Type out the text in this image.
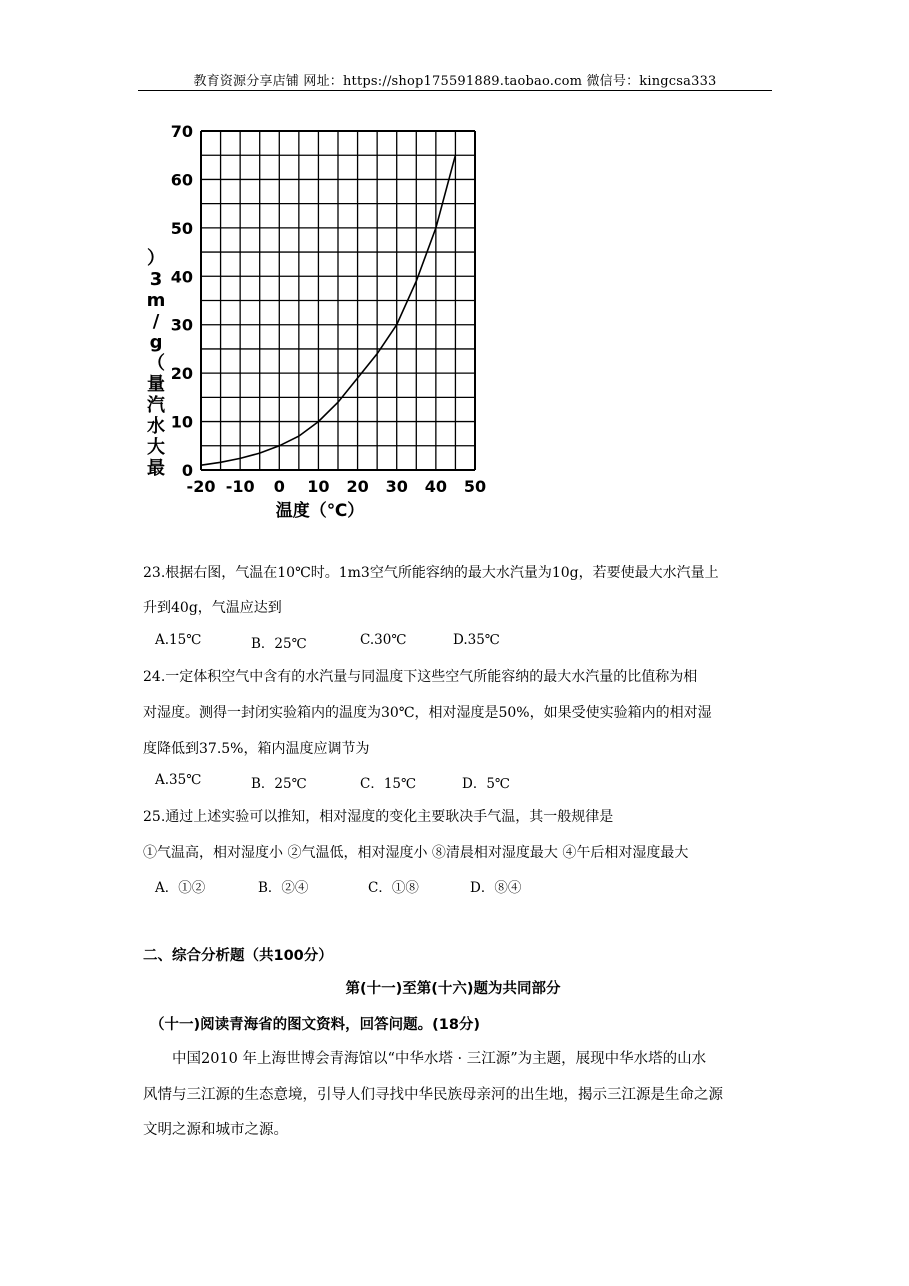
教育资源分享店铺 网址：https://shop175591889.taobao.com 微信号：kingcsa333
-20 -10 0 10 20 30 40 50
0
10
20
30
40
50
60
70
最
大
水
汽
量
（
g
/
m
3
）
温度（℃）
23.根据右图，气温在10℃时。1m3空气所能容纳的最大水汽量为10g，若要使最大水汽量上
升到40g，气温应达到
A.15℃	B．25℃	C.30℃	D.35℃
24.一定体积空气中含有的水汽量与同温度下这些空气所能容纳的最大水汽量的比值称为相
对湿度。测得一封闭实验箱内的温度为30℃，相对湿度是50%，如果受使实验箱内的相对湿
度降低到37.5%，箱内温度应调节为
A.35℃	B．25℃	C．15℃	D．5℃
25.通过上述实验可以推知，相对湿度的变化主要耿决手气温，其一般规律是
①气温高，相对湿度小 ②气温低，相对湿度小 ⑧清晨相对湿度最大 ④午后相对湿度最大
A．①②	B．②④	C．①⑧	D．⑧④
二、综合分析题（共100分）
第(十一)至第(十六)题为共同部分
（十一)阅读青海省的图文资料，回答问题。(18分)
中国2010 年上海世博会青海馆以“中华水塔 · 三江源”为主题，展现中华水塔的山水
风情与三江源的生态意境，引导人们寻找中华民族母亲河的出生地，揭示三江源是生命之源
文明之源和城市之源。
